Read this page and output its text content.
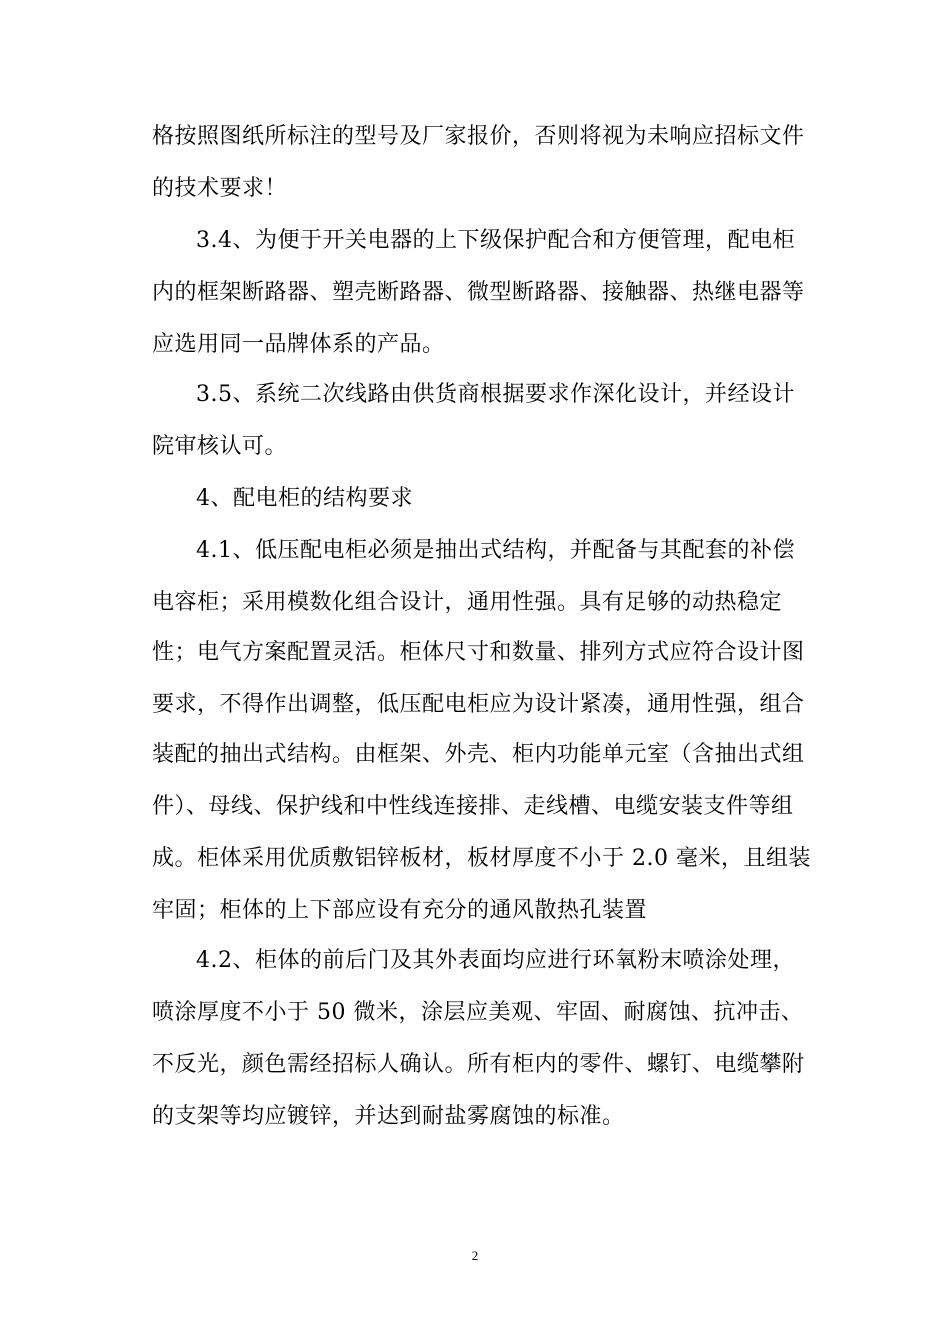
格按照图纸所标注的型号及厂家报价，否则将视为未响应招标文件
的技术要求！
3.4、为便于开关电器的上下级保护配合和方便管理，配电柜
内的框架断路器、塑壳断路器、微型断路器、接触器、热继电器等
应选用同一品牌体系的产品。
3.5、系统二次线路由供货商根据要求作深化设计，并经设计
院审核认可。
4、配电柜的结构要求
4.1、低压配电柜必须是抽出式结构，并配备与其配套的补偿
电容柜；采用模数化组合设计，通用性强。具有足够的动热稳定
性；电气方案配置灵活。柜体尺寸和数量、排列方式应符合设计图
要求，不得作出调整，低压配电柜应为设计紧凑，通用性强，组合
装配的抽出式结构。由框架、外壳、柜内功能单元室（含抽出式组
件）、母线、保护线和中性线连接排、走线槽、电缆安装支件等组
成。柜体采用优质敷铝锌板材，板材厚度不小于 2.0 毫米，且组装
牢固；柜体的上下部应设有充分的通风散热孔装置
4.2、柜体的前后门及其外表面均应进行环氧粉末喷涂处理，
喷涂厚度不小于 50 微米，涂层应美观、牢固、耐腐蚀、抗冲击、
不反光，颜色需经招标人确认。所有柜内的零件、螺钉、电缆攀附
的支架等均应镀锌，并达到耐盐雾腐蚀的标准。
2
